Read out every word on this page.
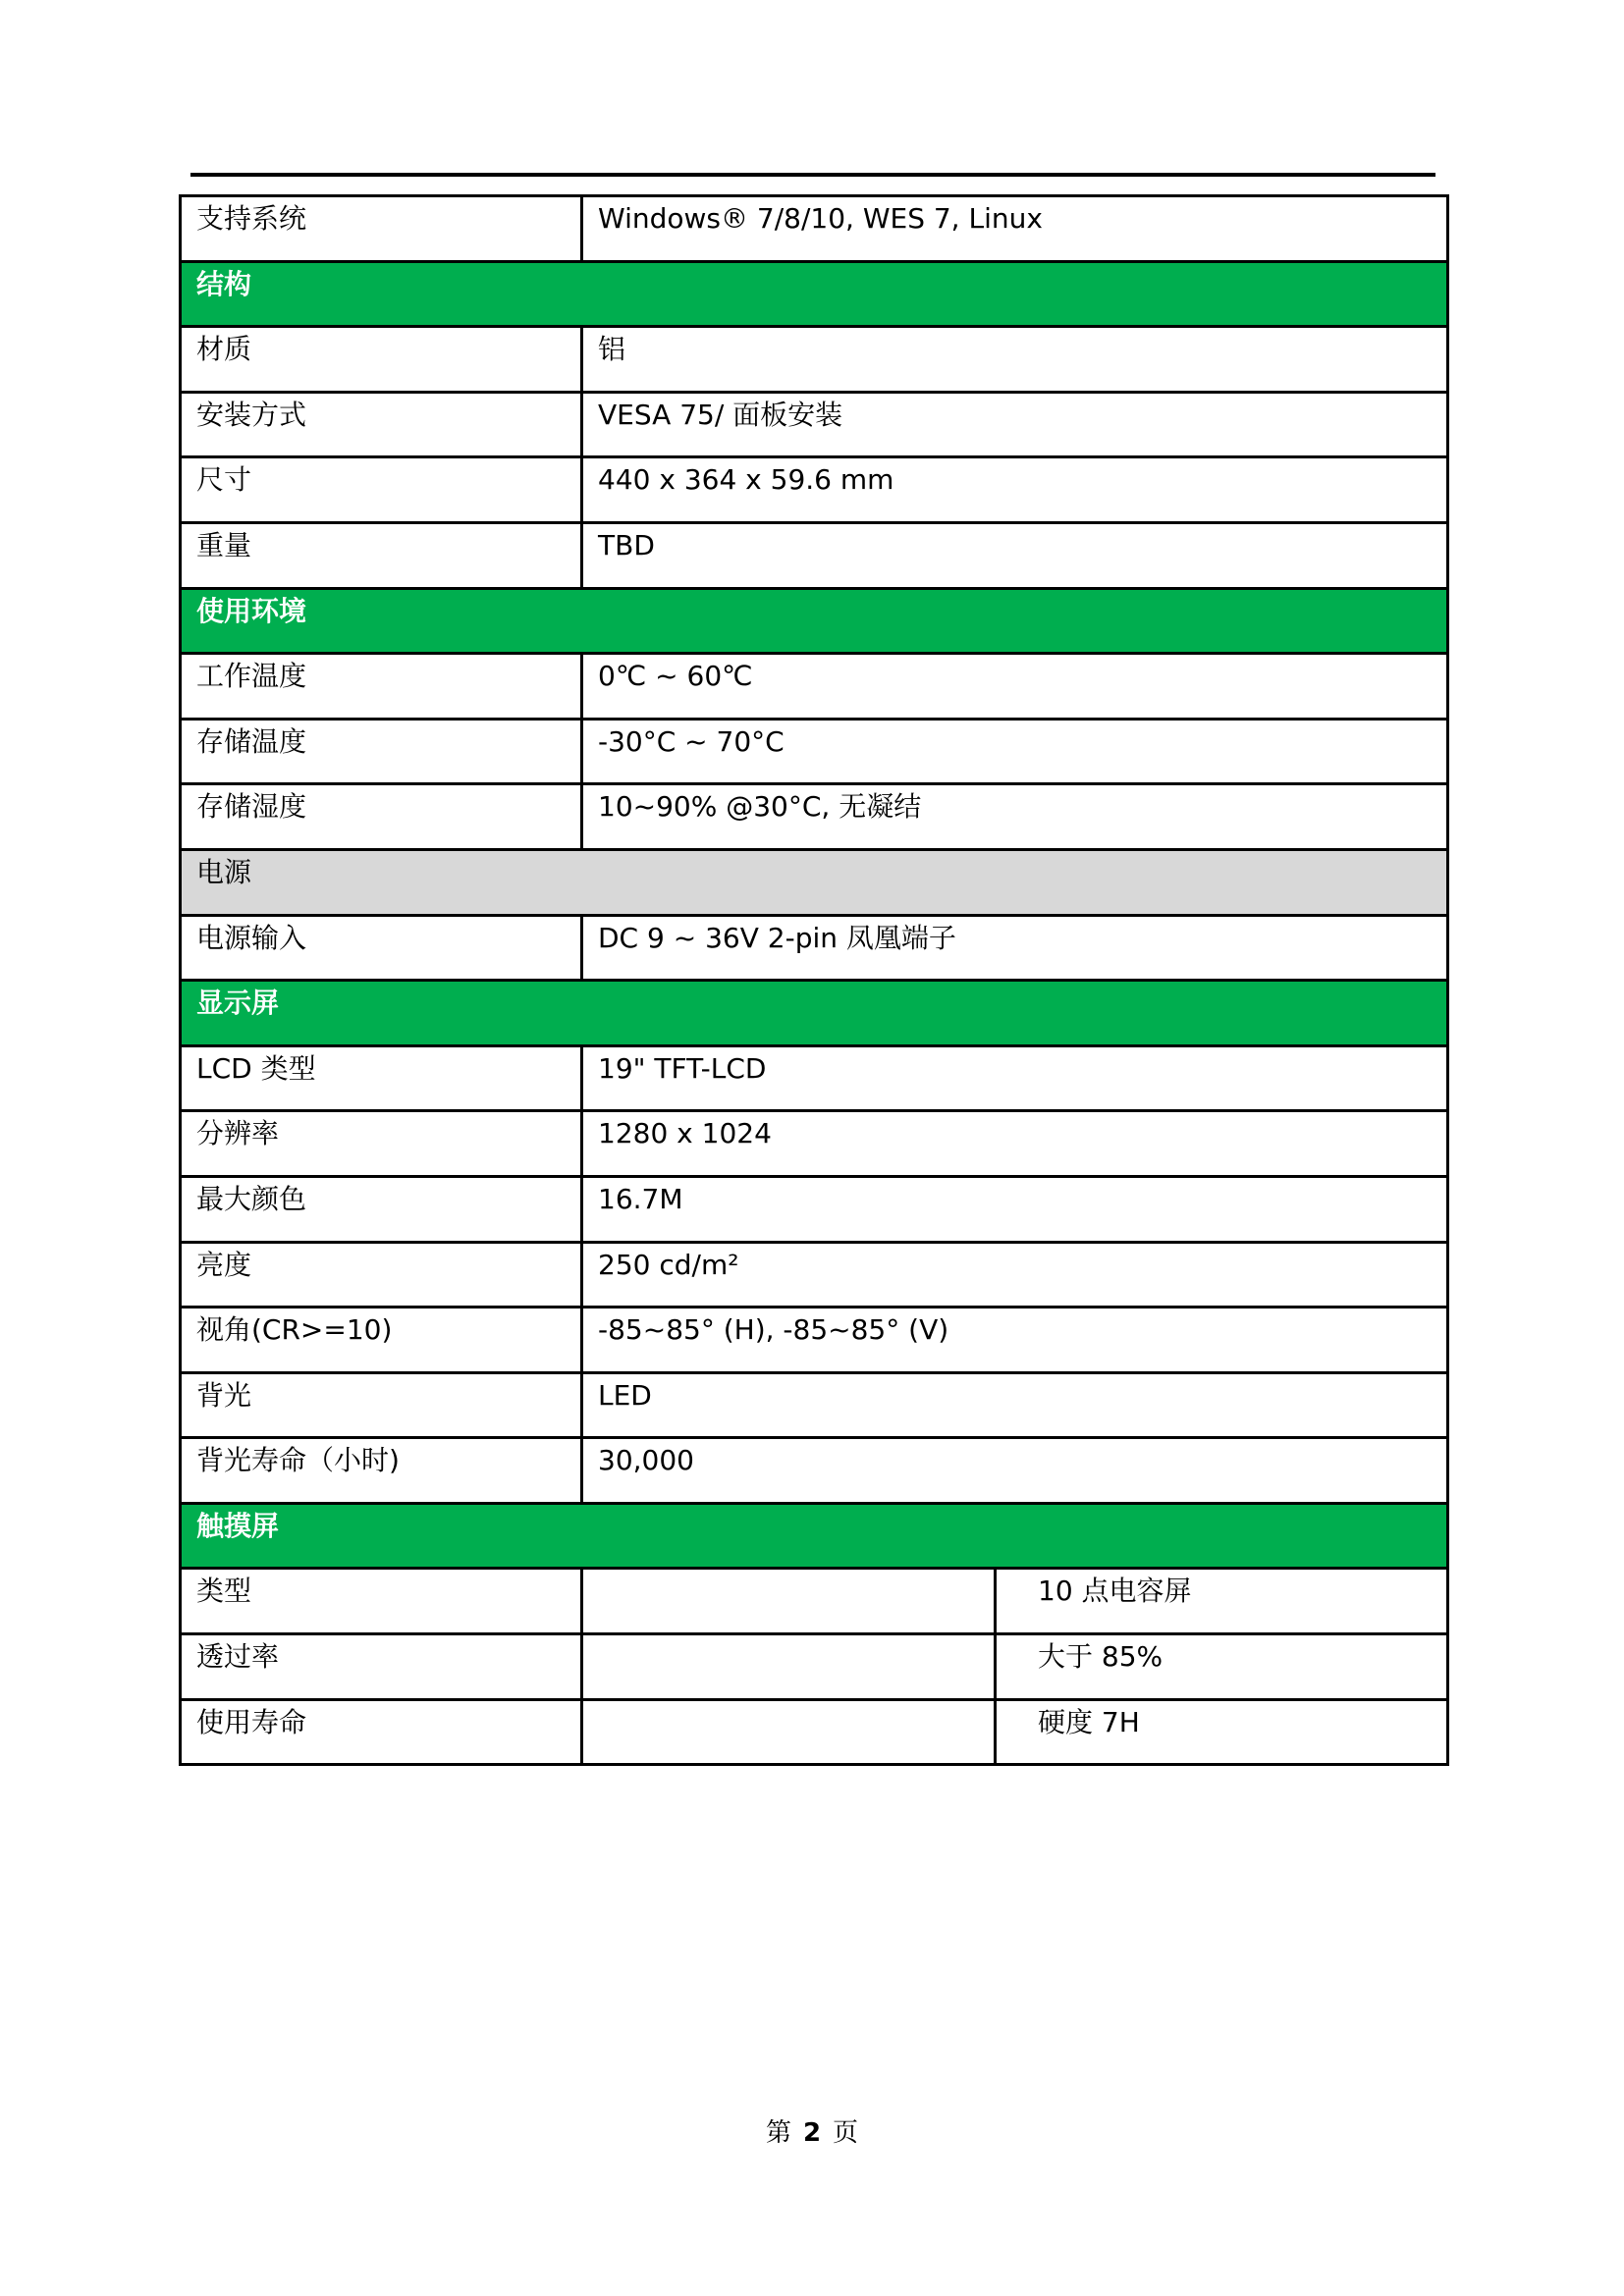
支持系统	Windows® 7/8/10, WES 7, Linux	
结构		
材质	铝	
安装方式	VESA 75/ 面板安装	
尺寸	440 x 364 x 59.6 mm	
重量	TBD	
使用环境		
工作温度	0℃ ~ 60℃	
存储温度	-30°C ~ 70°C	
存储湿度	10~90% @30°C, 无凝结	
电源		
电源输入	DC 9 ~ 36V 2-pin 凤凰端子	
显示屏		
LCD 类型	19" TFT-LCD	
分辨率	1280 x 1024	
最大颜色	16.7M	
亮度	250 cd/m²	
视角(CR>=10)	-85~85° (H), -85~85° (V)	
背光	LED	
背光寿命（小时)	30,000	
触摸屏		
类型		10 点电容屏
透过率		大于 85%
使用寿命		硬度 7H
第 2 页
